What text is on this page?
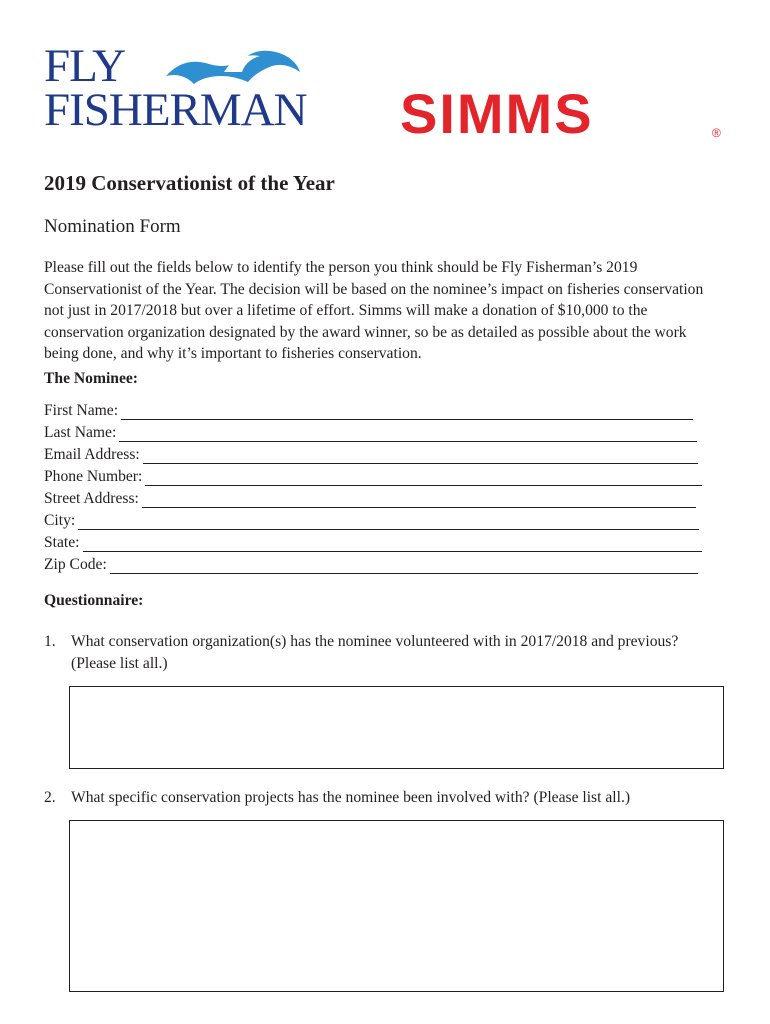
FLY
FISHERMAN SIMMS	®
2019 Conservationist of the Year
Nomination Form

Please fill out the fields below to identify the person you think should be Fly Fisherman’s 2019 Conservationist of the Year. The decision will be based on the nominee’s impact on fisheries conservation not just in 2017/2018 but over a lifetime of effort. Simms will make a donation of $10,000 to the conservation organization designated by the award winner, so be as detailed as possible about the work being done, and why it’s important to fisheries conservation.

The Nominee:

First Name:
Last Name:
Email Address:
Phone Number:
Street Address:
City:
State:
Zip Code:

Questionnaire:

1. What conservation organization(s) has the nominee volunteered with in 2017/2018 and previous? (Please list all.)
2. What specific conservation projects has the nominee been involved with? (Please list all.)
